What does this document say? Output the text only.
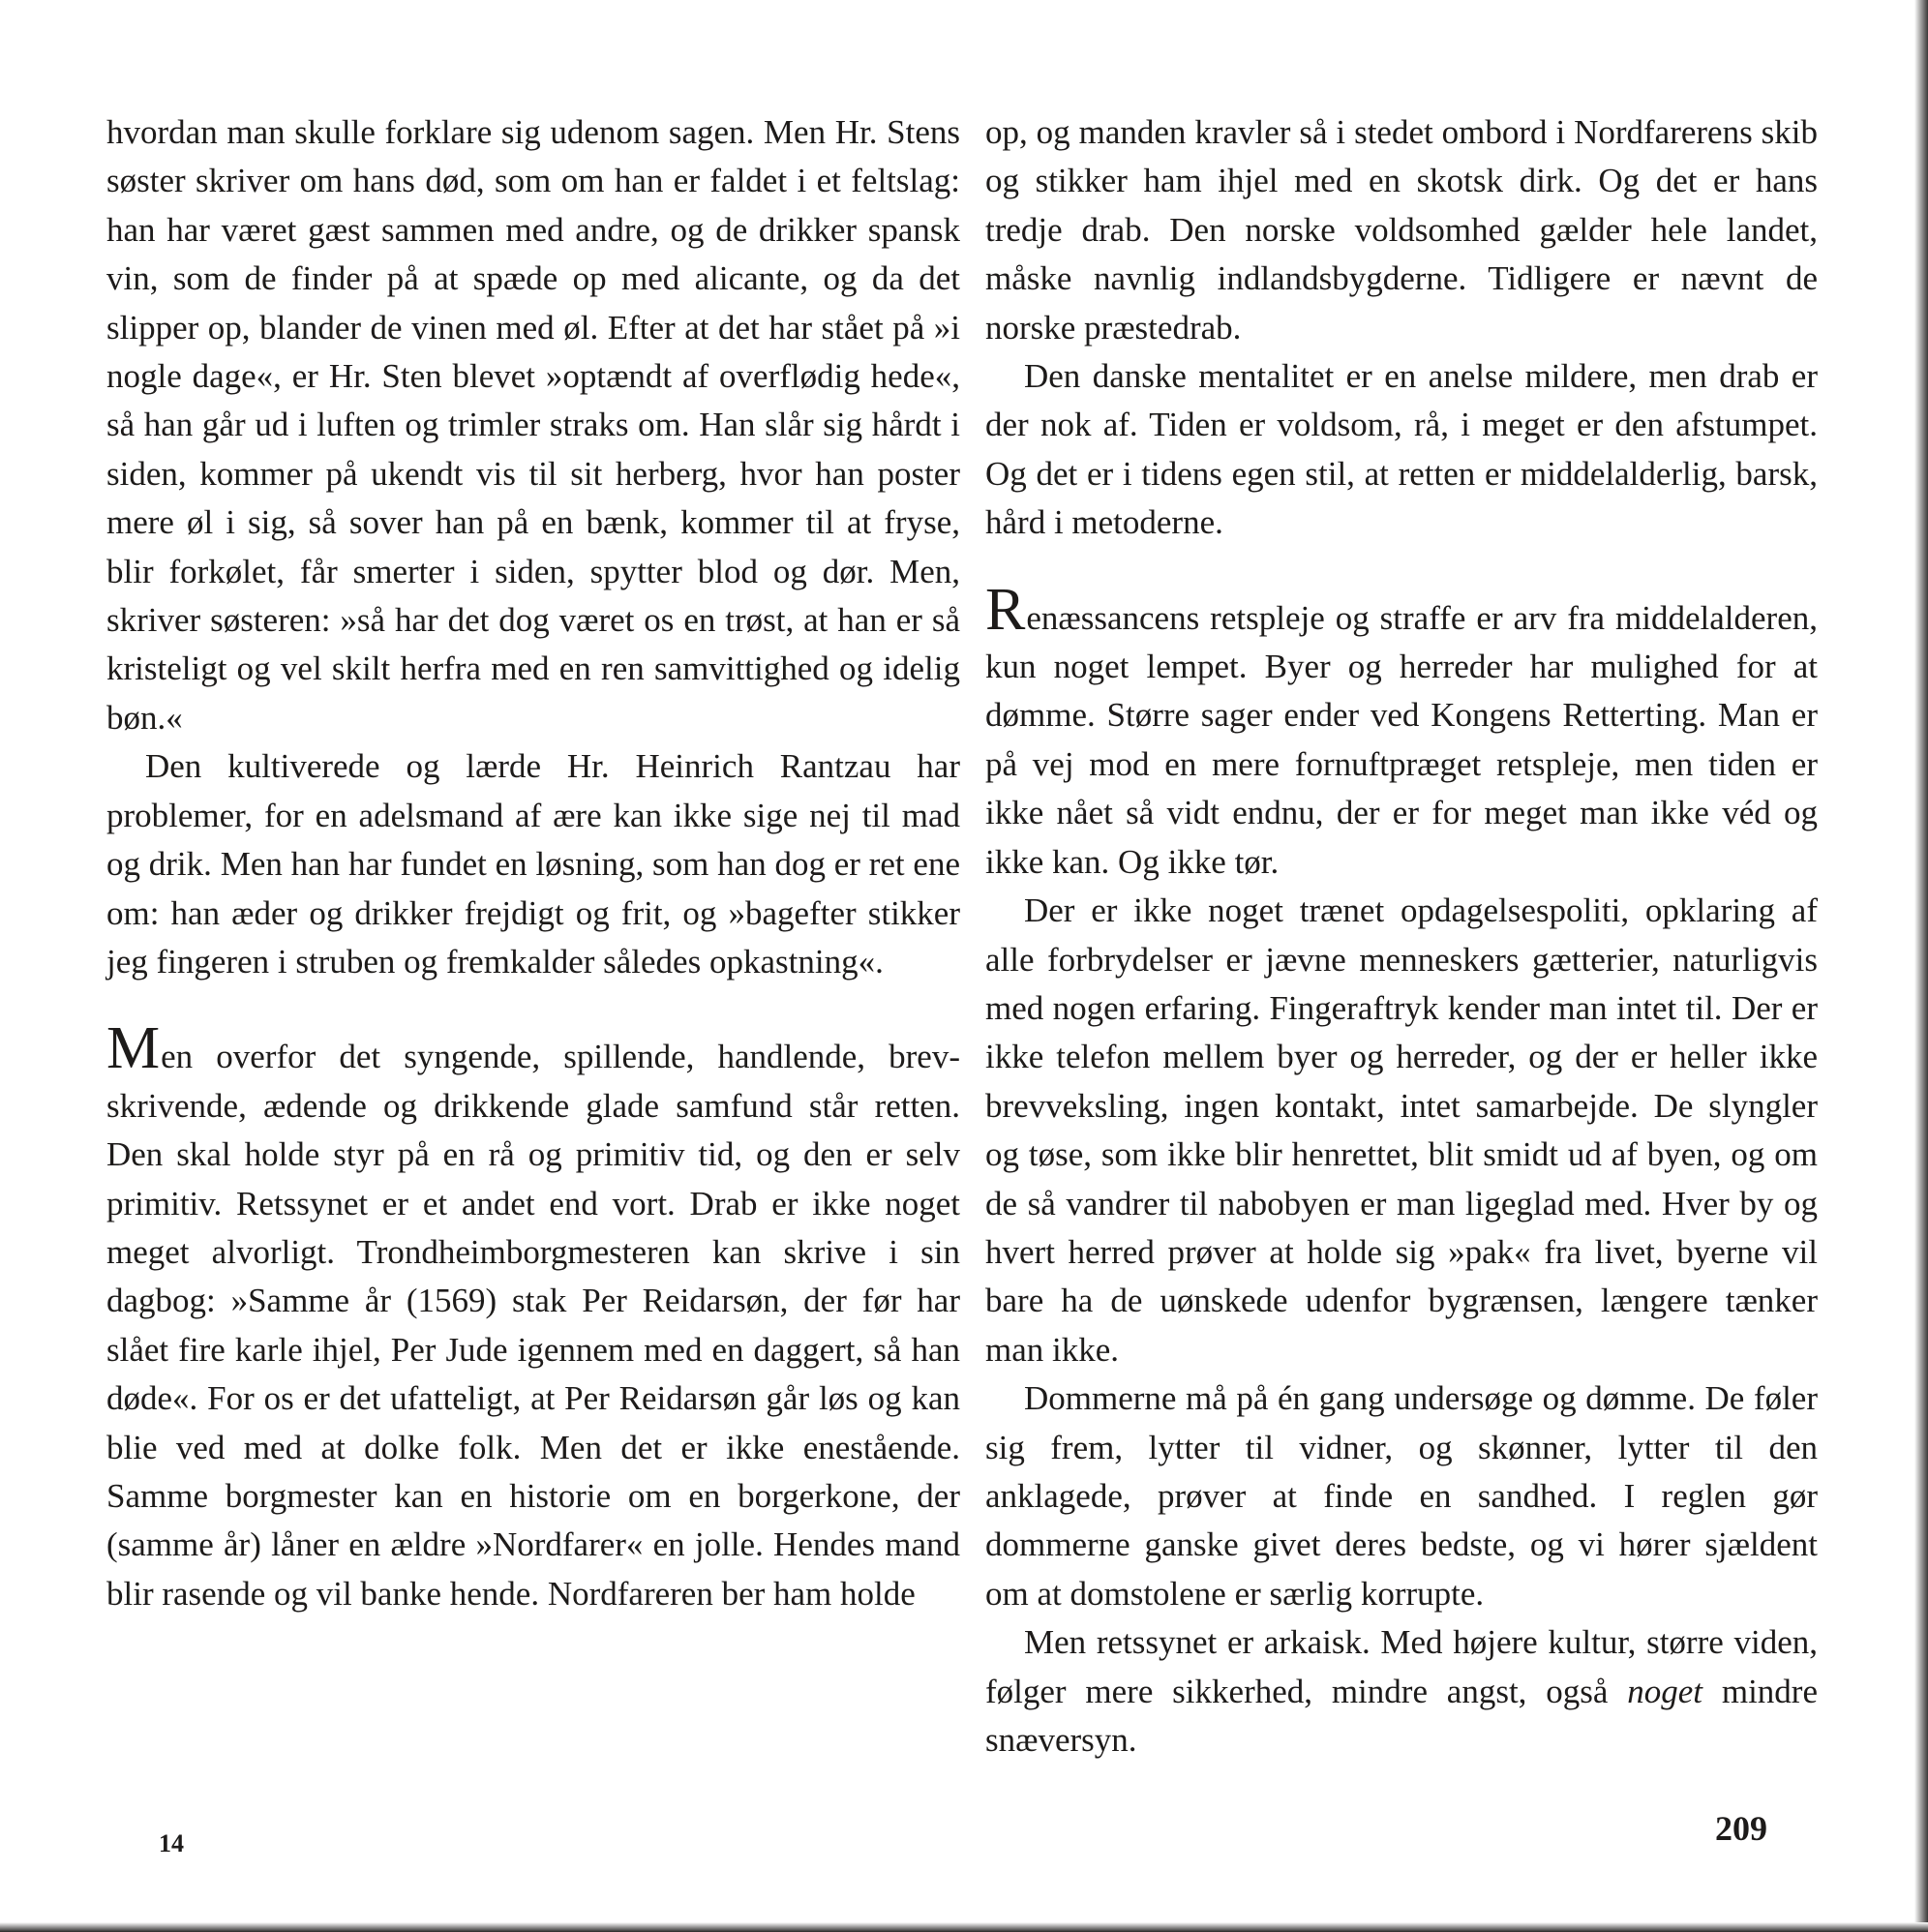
hvordan man skulle forklare sig udenom sagen. Men Hr. Stens søster skriver om hans død, som om han er faldet i et feltslag: han har været gæst sammen med andre, og de drikker spansk vin, som de finder på at spæde op med alicante, og da det slipper op, blander de vinen med øl. Efter at det har stået på »i nogle dage«, er Hr. Sten blevet »optændt af overflødig hede«, så han går ud i luften og trimler straks om. Han slår sig hårdt i siden, kommer på ukendt vis til sit herberg, hvor han poster mere øl i sig, så sover han på en bænk, kommer til at fryse, blir forkølet, får smerter i siden, spytter blod og dør. Men, skriver søsteren: »så har det dog været os en trøst, at han er så kristeligt og vel skilt herfra med en ren samvittighed og idelig bøn.«

Den kultiverede og lærde Hr. Heinrich Rantzau har problemer, for en adelsmand af ære kan ikke sige nej til mad og drik. Men han har fundet en løsning, som han dog er ret ene om: han æder og drikker frejdigt og frit, og »bagefter stikker jeg fingeren i struben og fremkalder således opkastning«.

Men overfor det syngende, spillende, handlende, brevskrivende, ædende og drikkende glade samfund står retten. Den skal holde styr på en rå og primitiv tid, og den er selv primitiv. Retssynet er et andet end vort. Drab er ikke noget meget alvorligt. Trondheimborgmesteren kan skrive i sin dagbog: »Samme år (1569) stak Per Reidarsøn, der før har slået fire karle ihjel, Per Jude igennem med en daggert, så han døde«. For os er det ufatteligt, at Per Reidarsøn går løs og kan blie ved med at dolke folk. Men det er ikke enestående. Samme borgmester kan en historie om en borgerkone, der (samme år) låner en ældre »Nordfarer« en jolle. Hendes mand blir rasende og vil banke hende. Nordfareren ber ham holde

op, og manden kravler så i stedet ombord i Nordfarerens skib og stikker ham ihjel med en skotsk dirk. Og det er hans tredje drab. Den norske voldsomhed gælder hele landet, måske navnlig indlandsbygderne. Tidligere er nævnt de norske præstedrab.

Den danske mentalitet er en anelse mildere, men drab er der nok af. Tiden er voldsom, rå, i meget er den afstumpet. Og det er i tidens egen stil, at retten er middelalderlig, barsk, hård i metoderne.

Renæssancens retspleje og straffe er arv fra middelalderen, kun noget lempet. Byer og herreder har mulighed for at dømme. Større sager ender ved Kongens Retterting. Man er på vej mod en mere fornuftpræget retspleje, men tiden er ikke nået så vidt endnu, der er for meget man ikke véd og ikke kan. Og ikke tør.

Der er ikke noget trænet opdagelsespoliti, opklaring af alle forbrydelser er jævne menneskers gætterier, naturligvis med nogen erfaring. Fingeraftryk kender man intet til. Der er ikke telefon mellem byer og herreder, og der er heller ikke brevveksling, ingen kontakt, intet samarbejde. De slyngler og tøse, som ikke blir henrettet, blit smidt ud af byen, og om de så vandrer til nabobyen er man ligeglad med. Hver by og hvert herred prøver at holde sig »pak« fra livet, byerne vil bare ha de uønskede udenfor bygrænsen, længere tænker man ikke.

Dommerne må på én gang undersøge og dømme. De føler sig frem, lytter til vidner, og skønner, lytter til den anklagede, prøver at finde en sandhed. I reglen gør dommerne ganske givet deres bedste, og vi hører sjældent om at domstolene er særlig korrupte.

Men retssynet er arkaisk. Med højere kultur, større viden, følger mere sikkerhed, mindre angst, også noget mindre snæversyn.

14	209
